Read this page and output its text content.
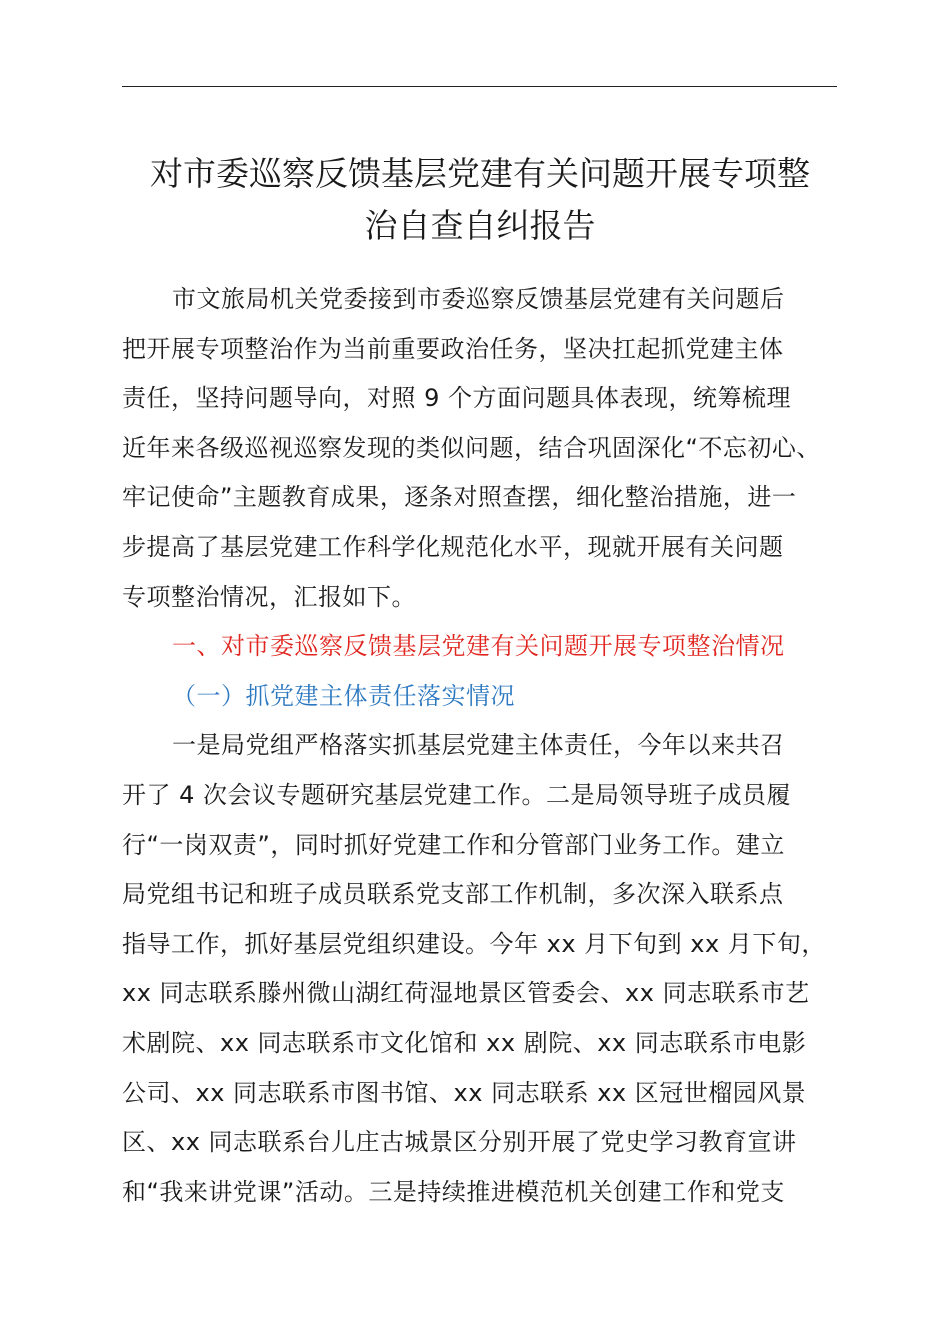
对市委巡察反馈基层党建有关问题开展专项整
治自查自纠报告
市文旅局机关党委接到市委巡察反馈基层党建有关问题后
把开展专项整治作为当前重要政治任务，坚决扛起抓党建主体
责任，坚持问题导向，对照 9 个方面问题具体表现，统筹梳理
近年来各级巡视巡察发现的类似问题，结合巩固深化“不忘初心、
牢记使命”主题教育成果，逐条对照查摆，细化整治措施，进一
步提高了基层党建工作科学化规范化水平，现就开展有关问题
专项整治情况，汇报如下。
一、对市委巡察反馈基层党建有关问题开展专项整治情况
（一）抓党建主体责任落实情况
一是局党组严格落实抓基层党建主体责任，今年以来共召
开了 4 次会议专题研究基层党建工作。二是局领导班子成员履
行“一岗双责”，同时抓好党建工作和分管部门业务工作。建立
局党组书记和班子成员联系党支部工作机制，多次深入联系点
指导工作，抓好基层党组织建设。今年 xx 月下旬到 xx 月下旬，
xx 同志联系滕州微山湖红荷湿地景区管委会、xx 同志联系市艺
术剧院、xx 同志联系市文化馆和 xx 剧院、xx 同志联系市电影
公司、xx 同志联系市图书馆、xx 同志联系 xx 区冠世榴园风景
区、xx 同志联系台儿庄古城景区分别开展了党史学习教育宣讲
和“我来讲党课”活动。三是持续推进模范机关创建工作和党支
